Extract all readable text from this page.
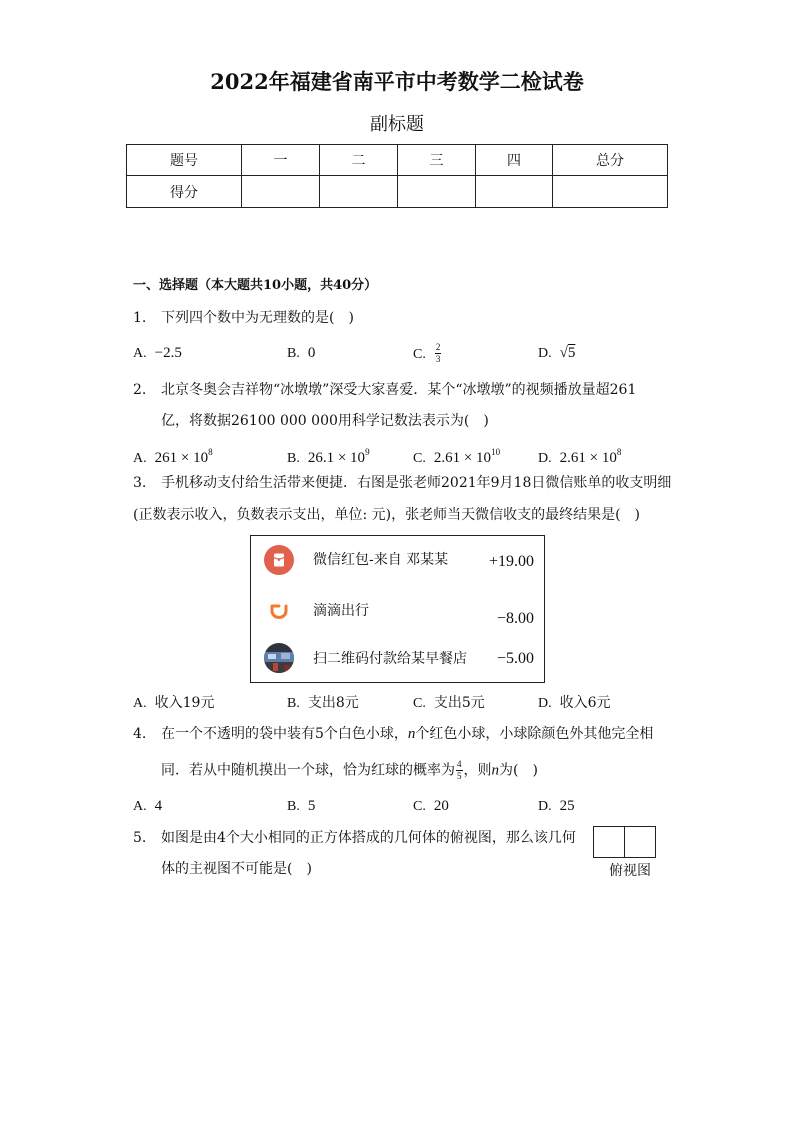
2022年福建省南平市中考数学二检试卷
副标题
题号	一	二	三	四	总分
得分					
一、选择题（本大题共10小题，共40分）
1. 下列四个数中为无理数的是(　)
A. −2.5	B. 0	C. $\frac{2}{3}$	D. √5
2. 北京冬奥会吉祥物“冰墩墩”深受大家喜爱．某个“冰墩墩”的视频播放量超261
亿，将数据26100 000 000用科学记数法表示为(　)
A. $261 \times 10^8$	B. $26.1 \times 10^9$	C. $2.61 \times 10^{10}$	D. $2.61 \times 10^8$
3. 手机移动支付给生活带来便捷．右图是张老师2021年9月18日微信账单的收支明细
(正数表示收入，负数表示支出，单位: 元)，张老师当天微信收支的最终结果是(　)
微信红包-来自 邓某某	+19.00
滴滴出行	−8.00
扫二维码付款给某早餐店 −5.00
A. 收入19元	B. 支出8元	C. 支出5元	D. 收入6元
4. 在一个不透明的袋中装有5个白色小球，n个红色小球，小球除颜色外其他完全相
同．若从中随机摸出一个球，恰为红球的概率为 $\frac{4}{5}$ ，则n为(　)
A. 4	B. 5	C. 20	D. 25
5. 如图是由4个大小相同的正方体搭成的几何体的俯视图，那么该几何
体的主视图不可能是(　)	俯视图
